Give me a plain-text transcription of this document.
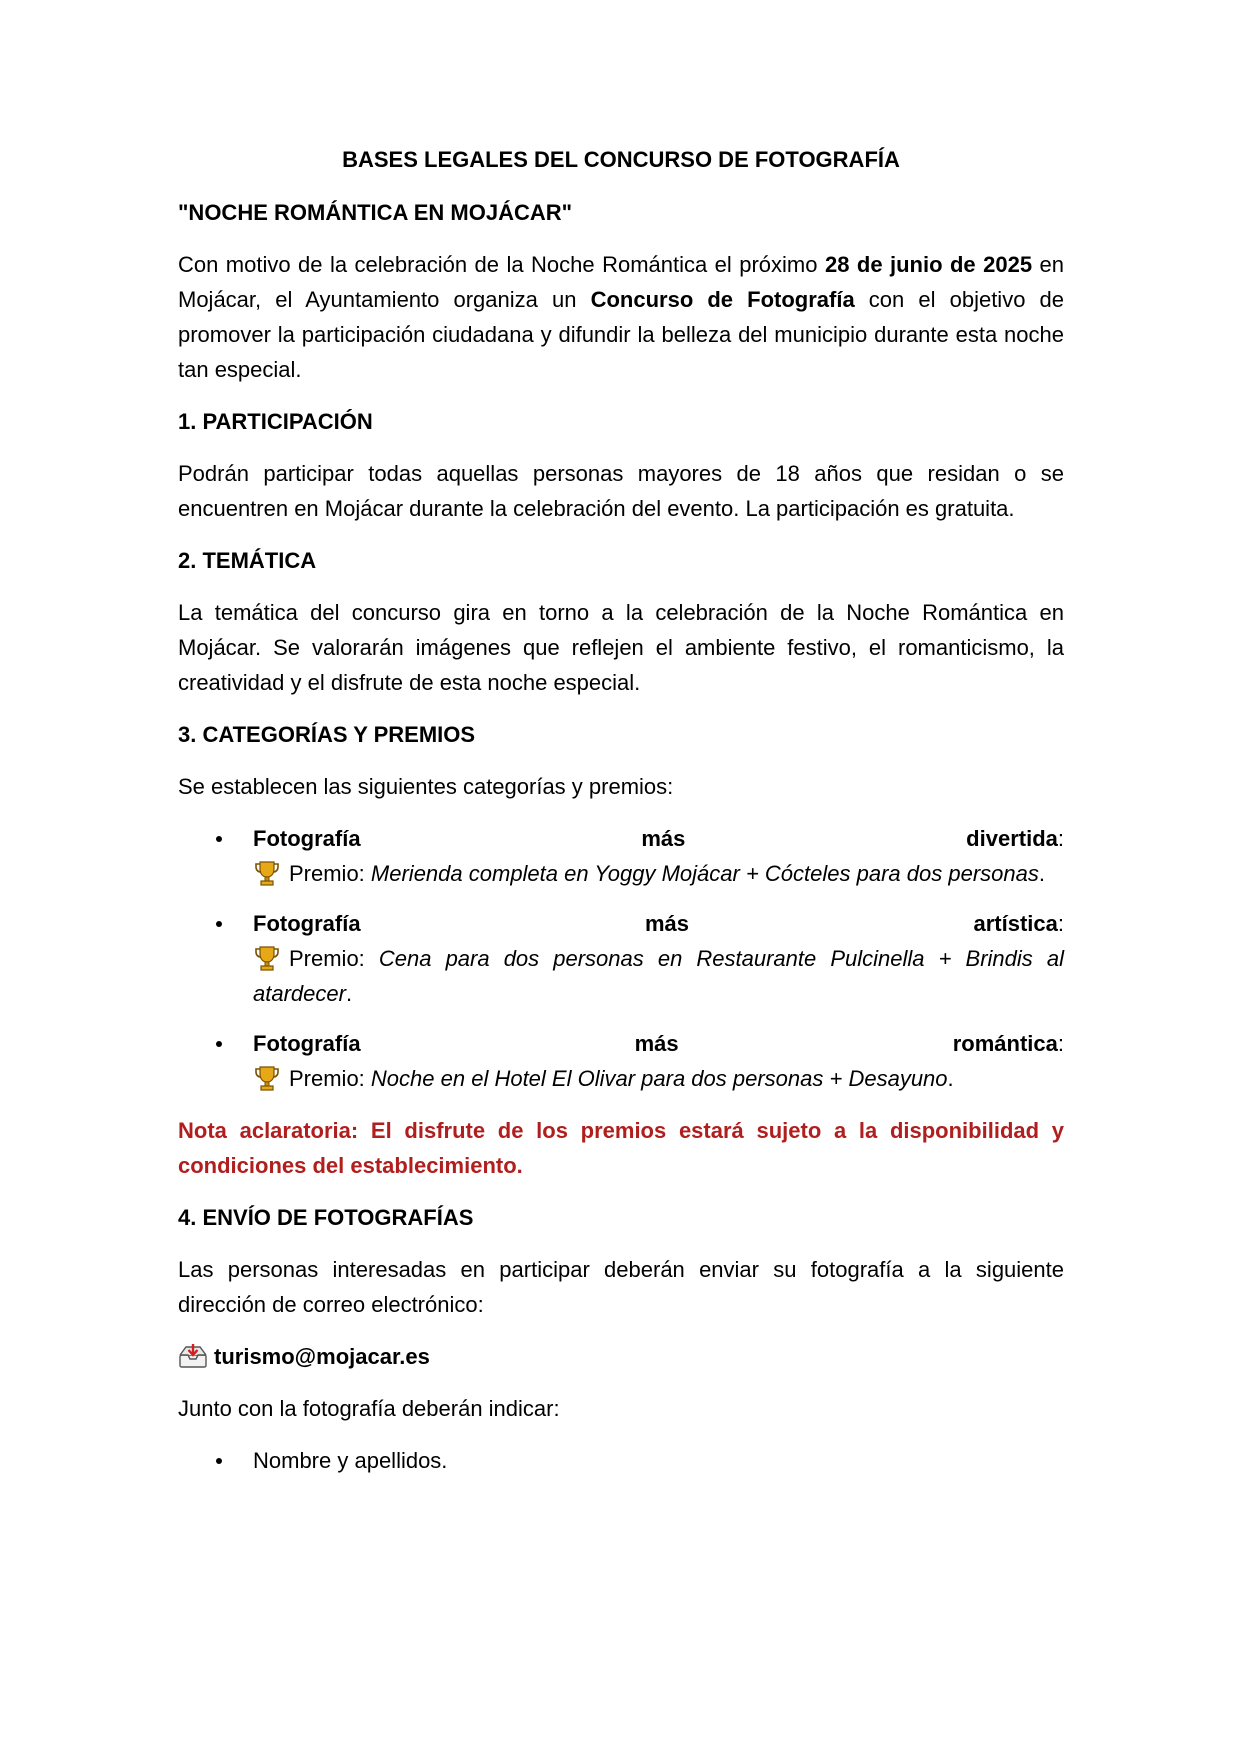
BASES LEGALES DEL CONCURSO DE FOTOGRAFÍA
"NOCHE ROMÁNTICA EN MOJÁCAR"

Con motivo de la celebración de la Noche Romántica el próximo 28 de junio de 2025 en Mojácar, el Ayuntamiento organiza un Concurso de Fotografía con el objetivo de promover la participación ciudadana y difundir la belleza del municipio durante esta noche tan especial.

1. PARTICIPACIÓN

Podrán participar todas aquellas personas mayores de 18 años que residan o se encuentren en Mojácar durante la celebración del evento. La participación es gratuita.

2. TEMÁTICA

La temática del concurso gira en torno a la celebración de la Noche Romántica en Mojácar. Se valorarán imágenes que reflejen el ambiente festivo, el romanticismo, la creatividad y el disfrute de esta noche especial.

3. CATEGORÍAS Y PREMIOS

Se establecen las siguientes categorías y premios:

Fotografía	más	divertida:
Premio: Merienda completa en Yoggy Mojácar + Cócteles para dos personas.
Fotografía	más	artística:
Premio: Cena para dos personas en Restaurante Pulcinella + Brindis al atardecer.
Fotografía	más	romántica:
Premio: Noche en el Hotel El Olivar para dos personas + Desayuno.

Nota aclaratoria: El disfrute de los premios estará sujeto a la disponibilidad y condiciones del establecimiento.

4. ENVÍO DE FOTOGRAFÍAS

Las personas interesadas en participar deberán enviar su fotografía a la siguiente dirección de correo electrónico:

turismo@mojacar.es

Junto con la fotografía deberán indicar:

Nombre y apellidos.
